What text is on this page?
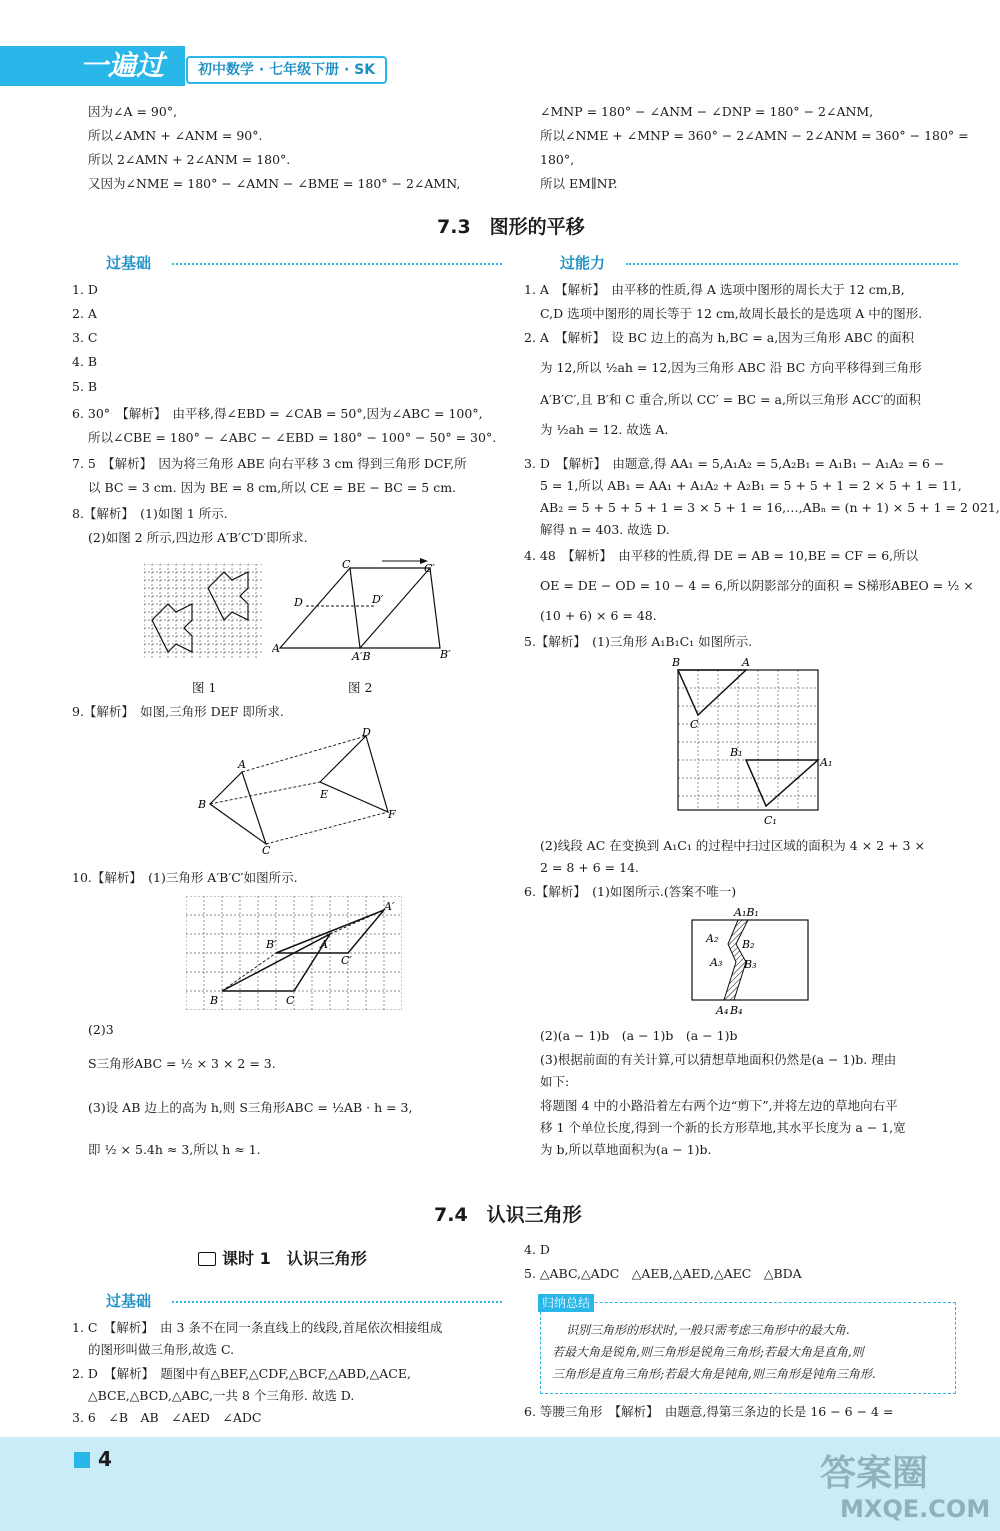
一遍过	初中数学 · 七年级下册 · SK
因为∠A = 90°,
所以∠AMN + ∠ANM = 90°.
所以 2∠AMN + 2∠ANM = 180°.
又因为∠NME = 180° − ∠AMN − ∠BME = 180° − 2∠AMN,
∠MNP = 180° − ∠ANM − ∠DNP = 180° − 2∠ANM,
所以∠NME + ∠MNP = 360° − 2∠AMN − 2∠ANM = 360° − 180° =
180°,
所以 EM∥NP.
7.3　图形的平移
过基础	过能力
1. D
2. A
3. C
4. B
5. B
6. 30°　【解析】　由平移,得∠EBD = ∠CAB = 50°,因为∠ABC = 100°,
所以∠CBE = 180° − ∠ABC − ∠EBD = 180° − 100° − 50° = 30°.
7. 5　【解析】　因为将三角形 ABE 向右平移 3 cm 得到三角形 DCF,所
以 BC = 3 cm. 因为 BE = 8 cm,所以 CE = BE − BC = 5 cm.
8.【解析】　(1)如图 1 所示.
(2)如图 2 所示,四边形 A′B′C′D′即所求.
图 1
C	C′
D	D′
A
A′B	B′
图 2
9.【解析】　如图,三角形 DEF 即所求.
A
B
C
D
E
F
10.【解析】　(1)三角形 A′B′C′如图所示.
B	C
A
B′
C′
A′
(2)3
S三角形ABC = ½ × 3 × 2 = 3.
(3)设 AB 边上的高为 h,则 S三角形ABC = ½AB · h = 3,
即 ½ × 5.4h ≈ 3,所以 h ≈ 1.
1. A　【解析】　由平移的性质,得 A 选项中图形的周长大于 12 cm,B,
C,D 选项中图形的周长等于 12 cm,故周长最长的是选项 A 中的图形.
2. A　【解析】　设 BC 边上的高为 h,BC = a,因为三角形 ABC 的面积
为 12,所以 ½ah = 12,因为三角形 ABC 沿 BC 方向平移得到三角形
A′B′C′,且 B′和 C 重合,所以 CC′ = BC = a,所以三角形 ACC′的面积
为 ½ah = 12. 故选 A.
3. D　【解析】　由题意,得 AA₁ = 5,A₁A₂ = 5,A₂B₁ = A₁B₁ − A₁A₂ = 6 −
5 = 1,所以 AB₁ = AA₁ + A₁A₂ + A₂B₁ = 5 + 5 + 1 = 2 × 5 + 1 = 11,
AB₂ = 5 + 5 + 5 + 1 = 3 × 5 + 1 = 16,…,ABₙ = (n + 1) × 5 + 1 = 2 021,
解得 n = 403. 故选 D.
4. 48　【解析】　由平移的性质,得 DE = AB = 10,BE = CF = 6,所以
OE = DE − OD = 10 − 4 = 6,所以阴影部分的面积 = S梯形ABEO = ½ ×
(10 + 6) × 6 = 48.
5.【解析】　(1)三角形 A₁B₁C₁ 如图所示.
B	A
C
B₁
A₁
C₁
(2)线段 AC 在变换到 A₁C₁ 的过程中扫过区域的面积为 4 × 2 + 3 ×
2 = 8 + 6 = 14.
6.【解析】　(1)如图所示.(答案不唯一)
A₁B₁
A₂ B₂
A₃ B₃
A₄ B₄
(2)(a − 1)b　(a − 1)b　(a − 1)b
(3)根据前面的有关计算,可以猜想草地面积仍然是(a − 1)b. 理由
如下:
将题图 4 中的小路沿着左右两个边“剪下”,并将左边的草地向右平
移 1 个单位长度,得到一个新的长方形草地,其水平长度为 a − 1,宽
为 b,所以草地面积为(a − 1)b.
7.4　认识三角形
课时 1　认识三角形
过基础
1. C　【解析】　由 3 条不在同一条直线上的线段,首尾依次相接组成
的图形叫做三角形,故选 C.
2. D　【解析】　题图中有△BEF,△CDF,△BCF,△ABD,△ACE,
△BCE,△BCD,△ABC,一共 8 个三角形. 故选 D.
3. 6　∠B　AB　∠AED　∠ADC
4. D
5. △ABC,△ADC　△AEB,△AED,△AEC　△BDA
归纳总结
识别三角形的形状时,一般只需考虑三角形中的最大角.
若最大角是锐角,则三角形是锐角三角形;若最大角是直角,则
三角形是直角三角形;若最大角是钝角,则三角形是钝角三角形.
6. 等腰三角形　【解析】　由题意,得第三条边的长是 16 − 6 − 4 =
4	答案圈
MXQE.COM
